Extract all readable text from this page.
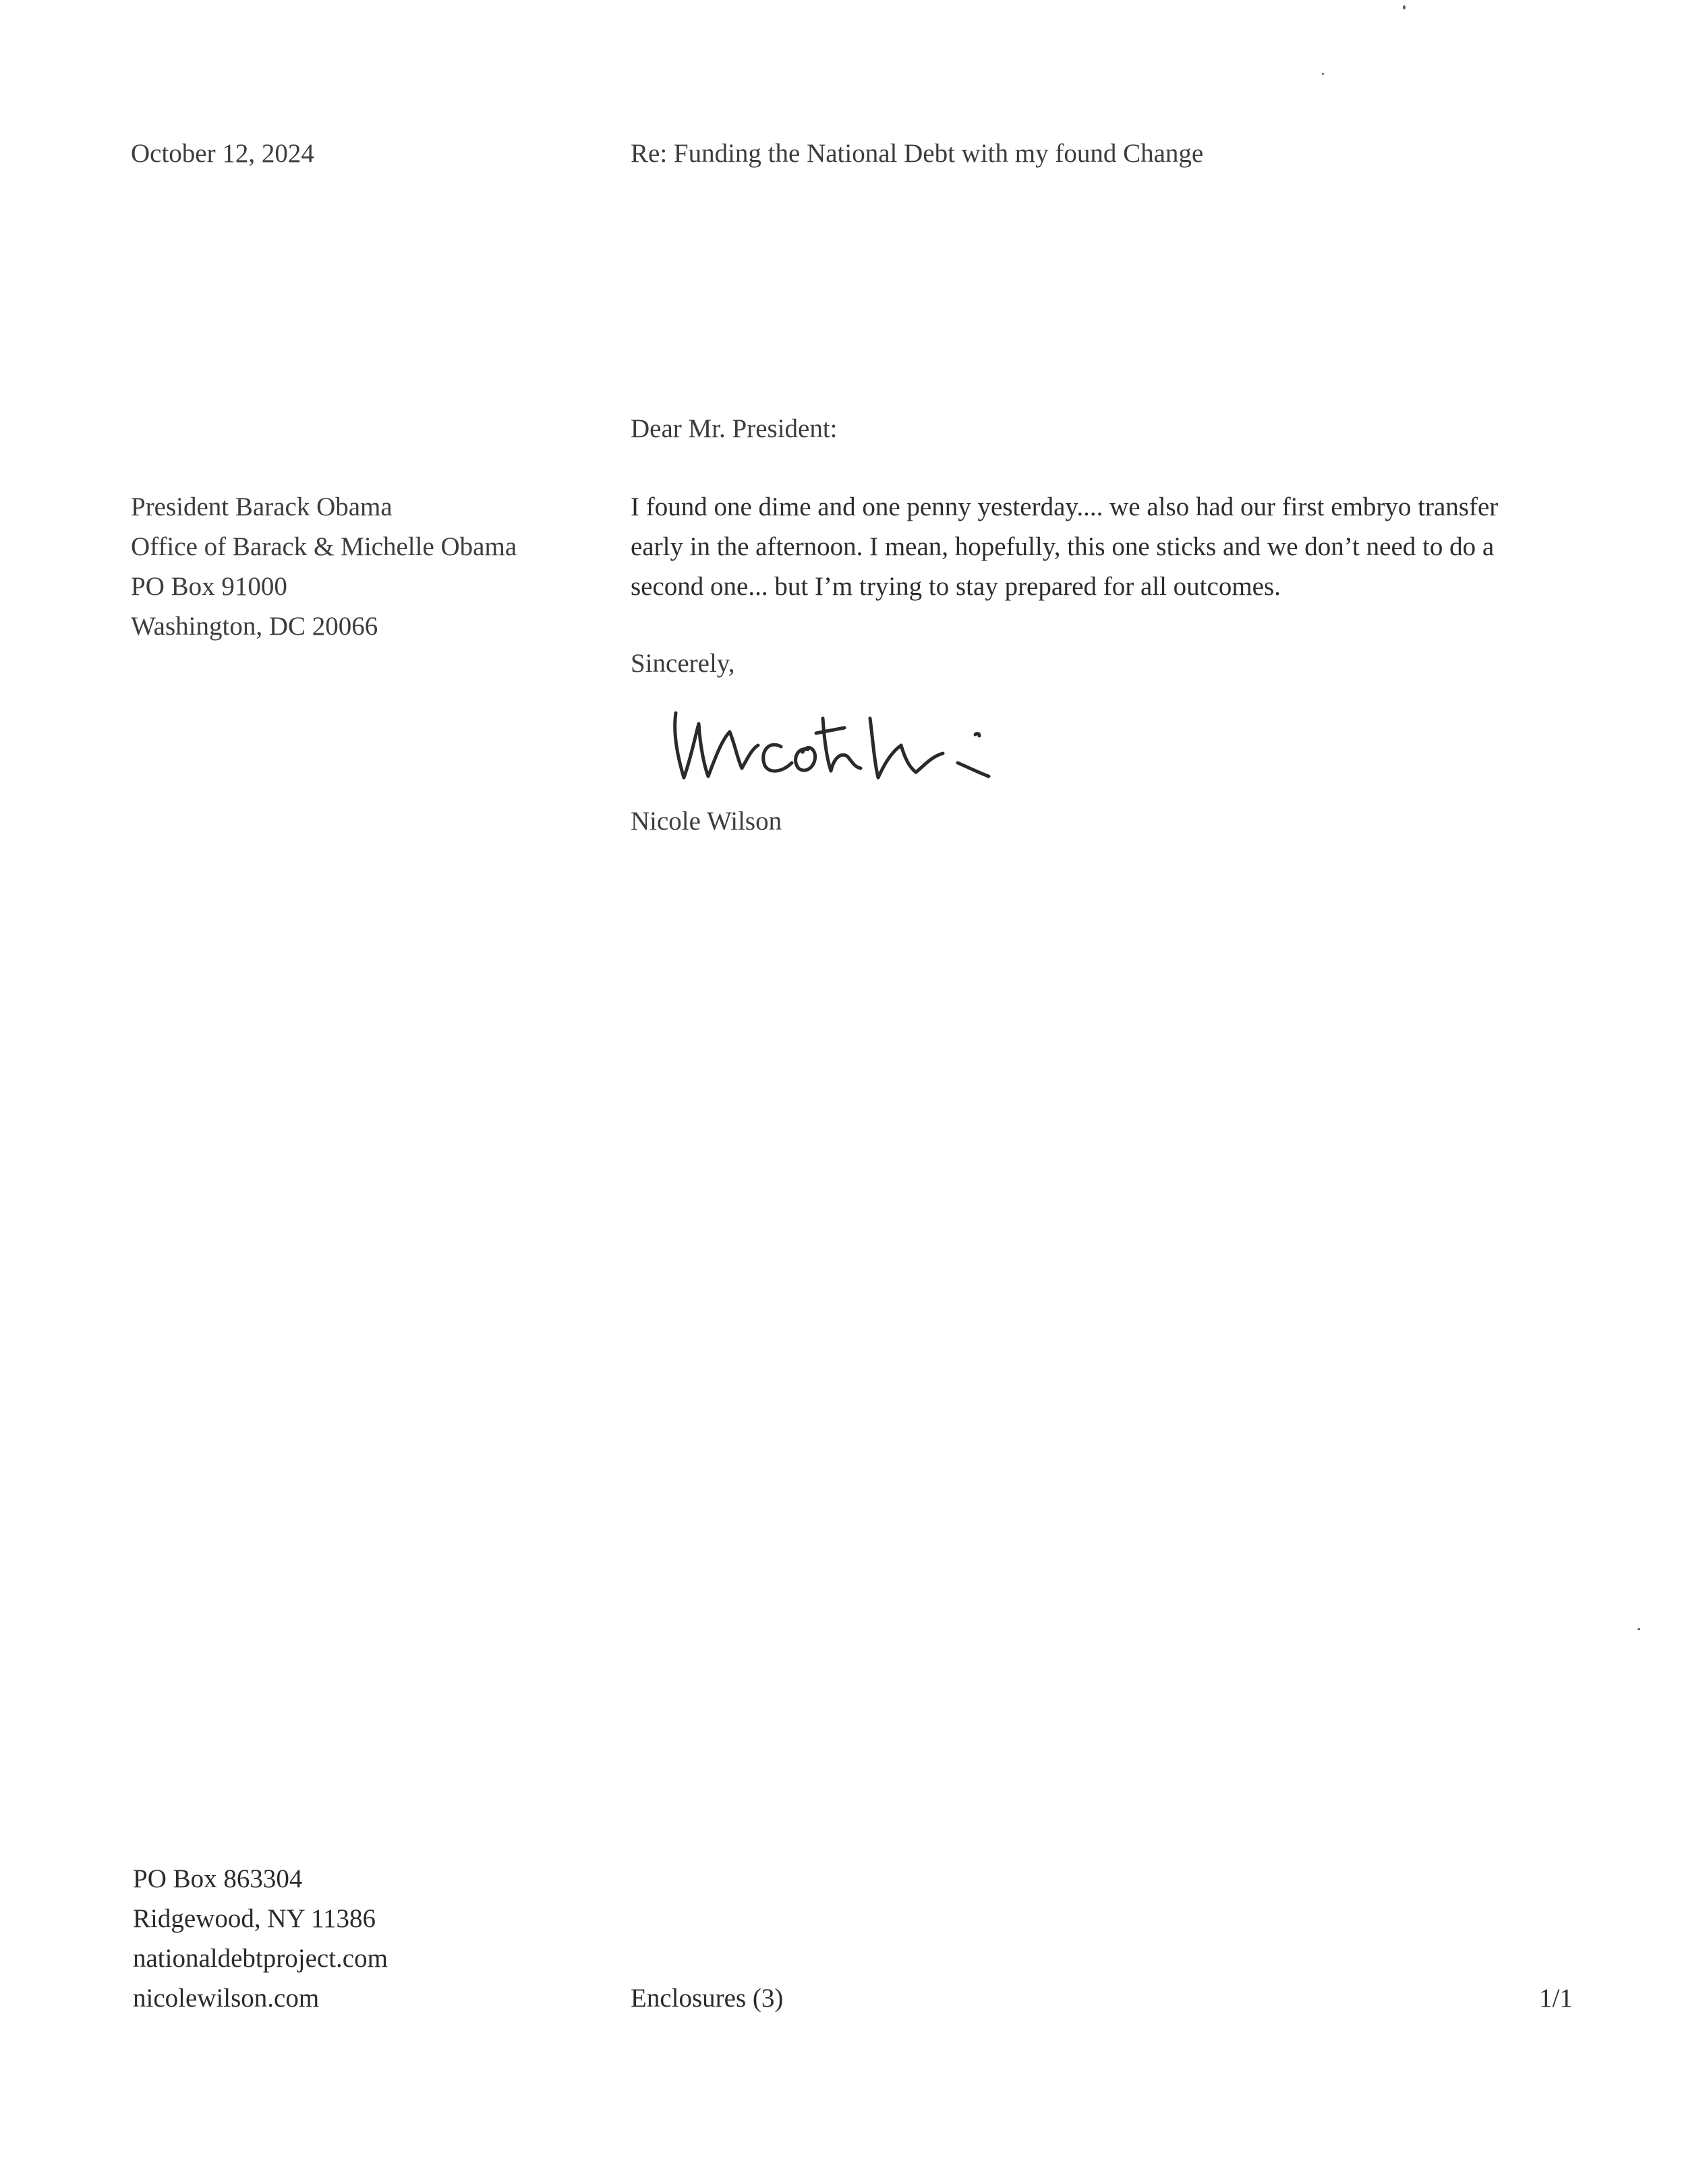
October 12, 2024	Re: Funding the National Debt with my found Change
Dear Mr. President:
President Barack Obama
Office of Barack & Michelle Obama
PO Box 91000
Washington, DC 20066
I found one dime and one penny yesterday.... we also had our first embryo transfer
early in the afternoon. I mean, hopefully, this one sticks and we don’t need to do a
second one... but I’m trying to stay prepared for all outcomes.
Sincerely,
Nicole Wilson
PO Box 863304
Ridgewood, NY 11386
nationaldebtproject.com
nicolewilson.com	Enclosures (3)	1/1
